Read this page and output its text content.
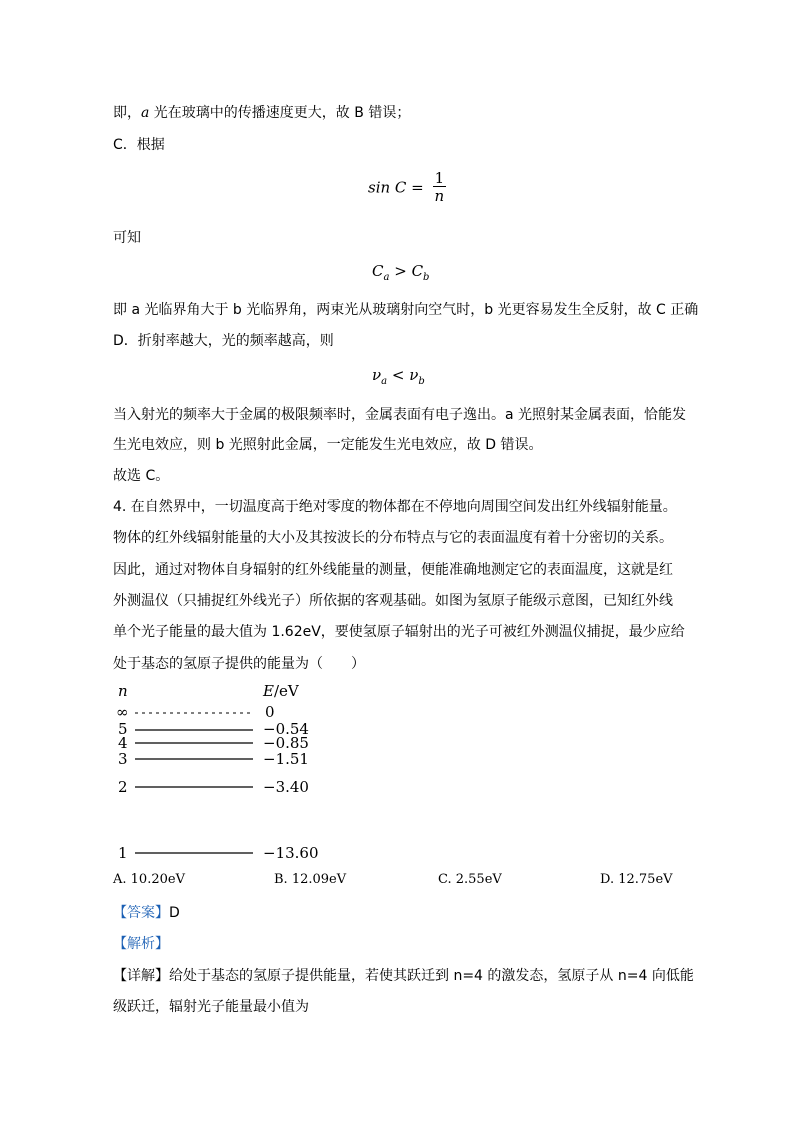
即，a 光在玻璃中的传播速度更大，故 B 错误；
C．根据
$\sin C = \frac{1}{n}$
可知
$C_a > C_b$
即 a 光临界角大于 b 光临界角，两束光从玻璃射向空气时，b 光更容易发生全反射，故 C 正确
D．折射率越大，光的频率越高，则
$\nu_a < \nu_b$
当入射光的频率大于金属的极限频率时，金属表面有电子逸出。a 光照射某金属表面，恰能发
生光电效应，则 b 光照射此金属，一定能发生光电效应，故 D 错误。
故选 C。
4. 在自然界中，一切温度高于绝对零度的物体都在不停地向周围空间发出红外线辐射能量。
物体的红外线辐射能量的大小及其按波长的分布特点与它的表面温度有着十分密切的关系。
因此，通过对物体自身辐射的红外线能量的测量，便能准确地测定它的表面温度，这就是红
外测温仪（只捕捉红外线光子）所依据的客观基础。如图为氢原子能级示意图，已知红外线
单个光子能量的最大值为 1.62eV，要使氢原子辐射出的光子可被红外测温仪捕捉，最少应给
处于基态的氢原子提供的能量为（　　）
n	E/eV
∞	0
5	−0.54
4	−0.85
3	−1.51
2	−3.40
1	−13.60
A. 10.20eV	B. 12.09eV	C. 2.55eV	D. 12.75eV
【答案】D
【解析】
【详解】给处于基态的氢原子提供能量，若使其跃迁到 n=4 的激发态，氢原子从 n=4 向低能
级跃迁，辐射光子能量最小值为
